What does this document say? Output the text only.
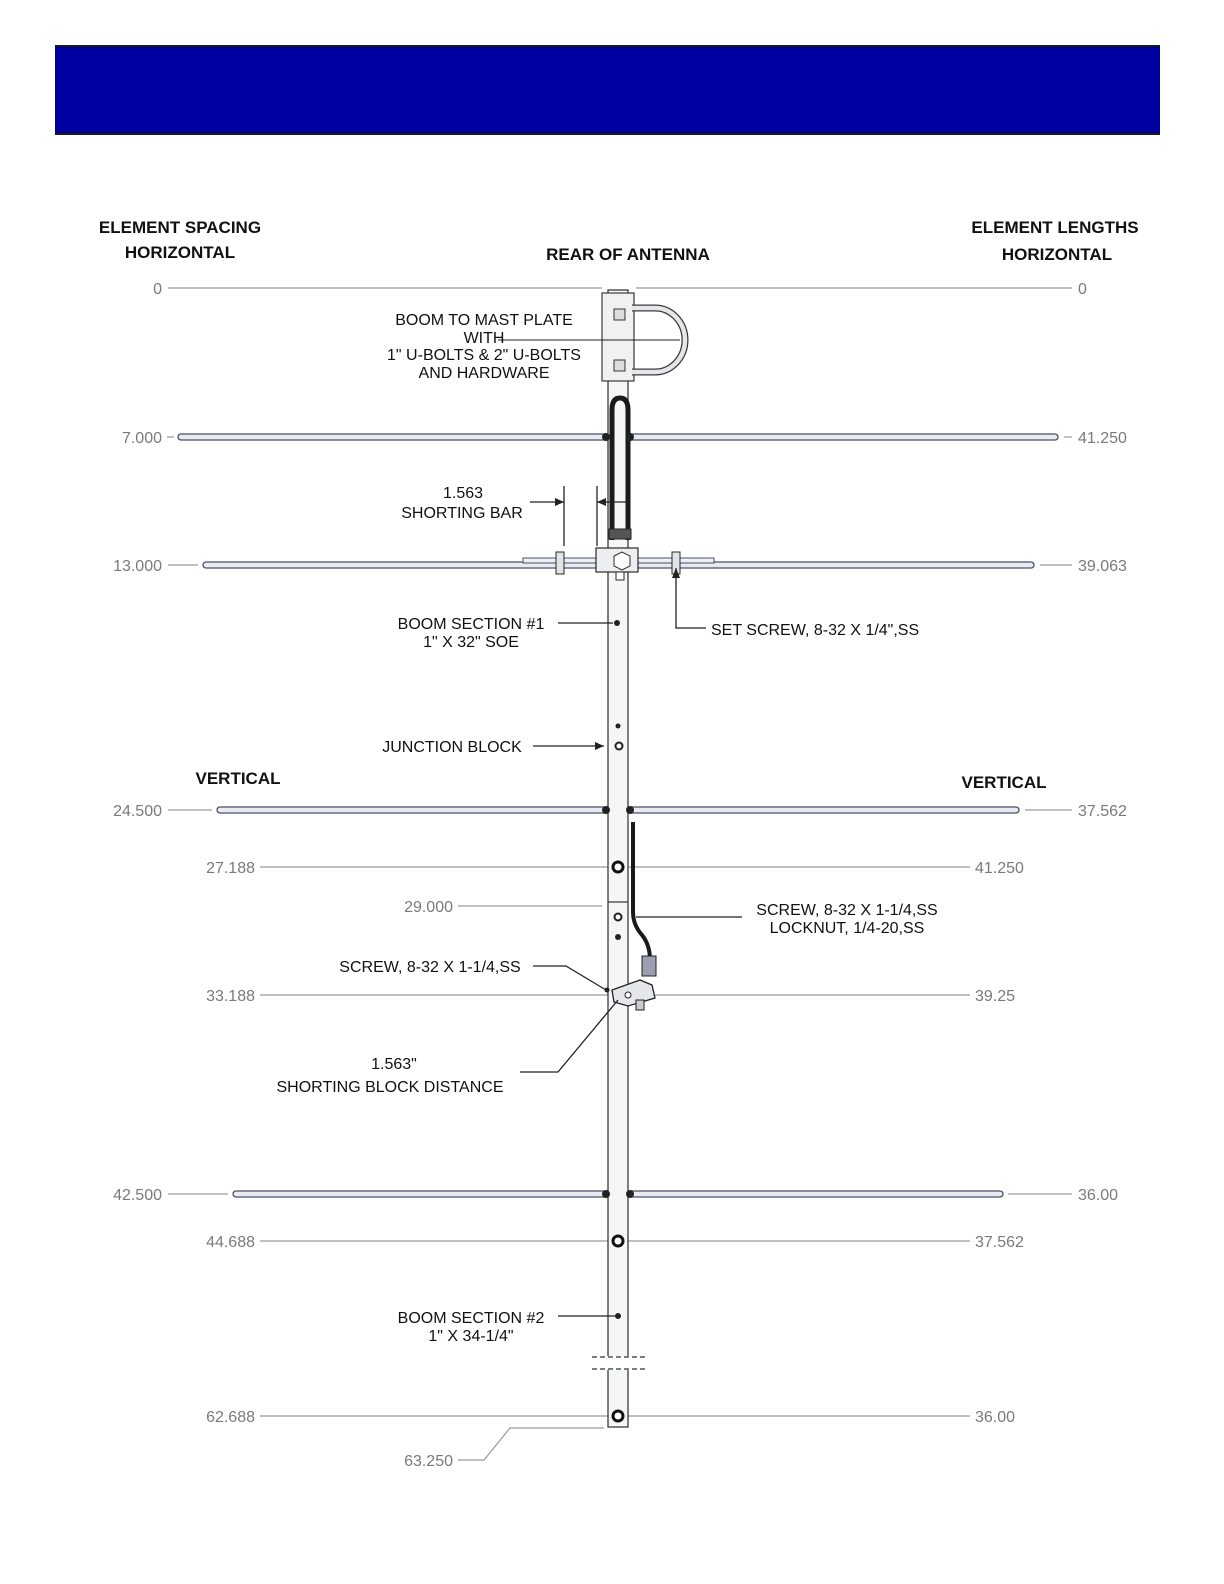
ELEMENT SPACING
HORIZONTAL
ELEMENT LENGTHS
HORIZONTAL
REAR OF ANTENNA
VERTICAL	VERTICAL
0
7.000
13.000
24.500
42.500
0
41.250
39.063
37.562
36.00
27.188
29.000
33.188
44.688
62.688
63.250
41.250
39.25
37.562
36.00
BOOM TO MAST PLATE
WITH
1" U-BOLTS & 2" U-BOLTS
AND HARDWARE
1.563
SHORTING BAR
BOOM SECTION #1
1" X 32" SOE
SET SCREW, 8-32 X 1/4",SS
JUNCTION BLOCK
SCREW, 8-32 X 1-1/4,SS
LOCKNUT, 1/4-20,SS
SCREW, 8-32 X 1-1/4,SS
1.563"
SHORTING BLOCK DISTANCE
BOOM SECTION #2
1" X 34-1/4"
